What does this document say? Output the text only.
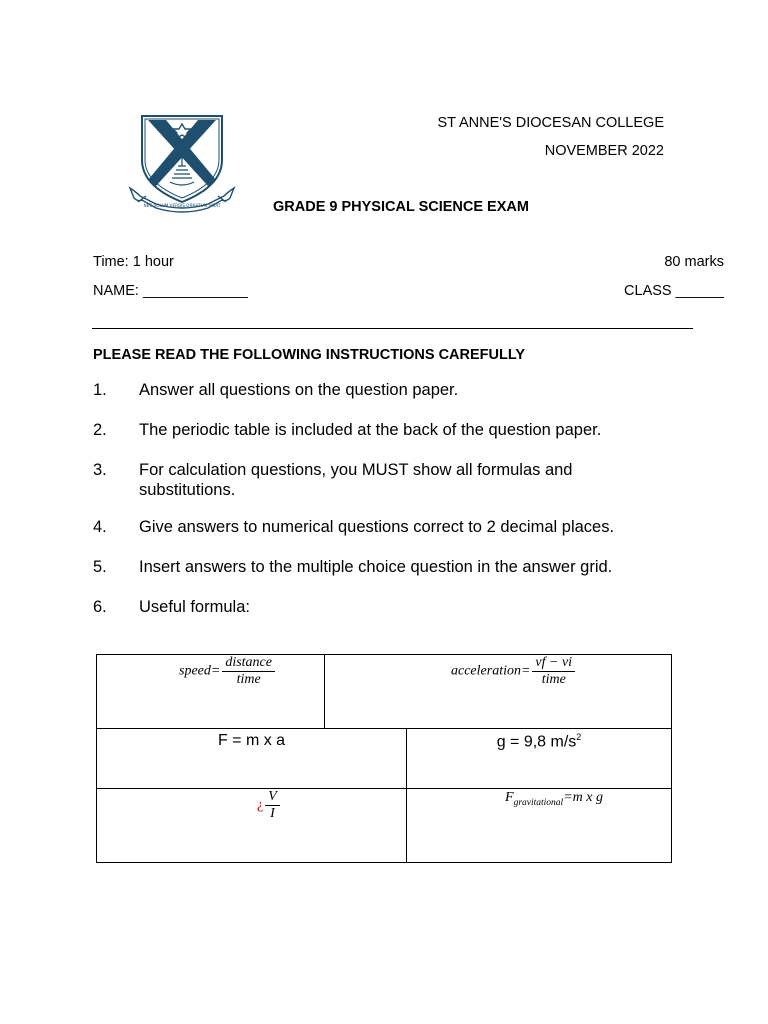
NEC SOLUM VERBIS ORNATUM VIVAT
ST ANNE'S DIOCESAN COLLEGE
NOVEMBER 2022
GRADE 9 PHYSICAL SCIENCE EXAM
Time: 1 hour	80 marks
NAME: _____________	CLASS ______
PLEASE READ THE FOLLOWING INSTRUCTIONS CAREFULLY
1. Answer all questions on the question paper.
2. The periodic table is included at the back of the question paper.
3. For calculation questions, you MUST show all formulas and substitutions.
4. Give answers to numerical questions correct to 2 decimal places.
5. Insert answers to the multiple choice question in the answer grid.
6. Useful formula:
speed= $\frac{\text{distance}}{\text{time}}$	acceleration= $\frac{vf - vi}{\text{time}}$
F = m x a	g = 9,8 $m/s^2$
¿ $\frac{V}{I}$	$F_{gravitational}=m$ x g
